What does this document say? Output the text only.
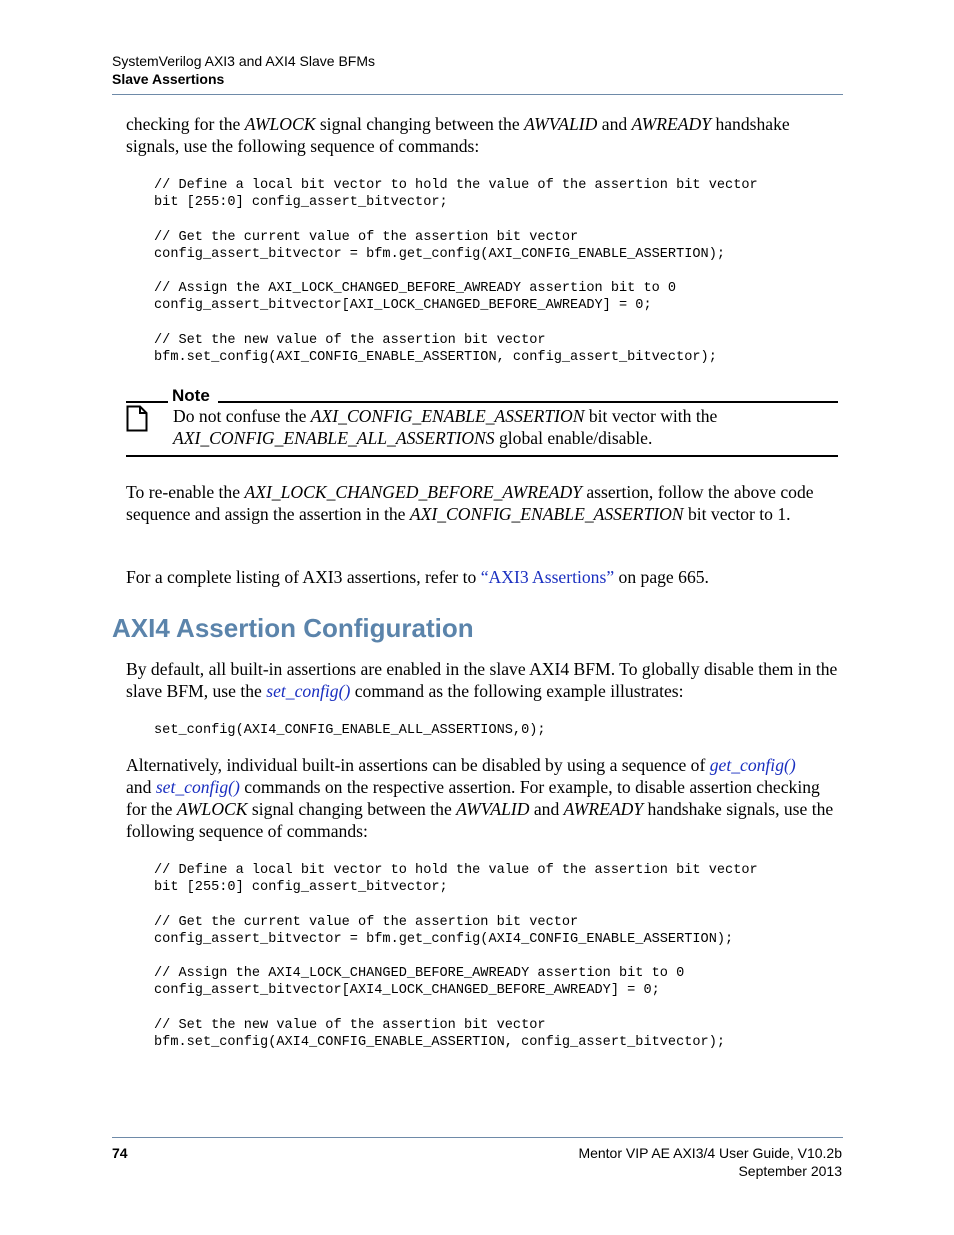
SystemVerilog AXI3 and AXI4 Slave BFMs
Slave Assertions

checking for the AWLOCK signal changing between the AWVALID and AWREADY handshake signals, use the following sequence of commands:

// Define a local bit vector to hold the value of the assertion bit vector
bit [255:0] config_assert_bitvector;

// Get the current value of the assertion bit vector
config_assert_bitvector = bfm.get_config(AXI_CONFIG_ENABLE_ASSERTION);

// Assign the AXI_LOCK_CHANGED_BEFORE_AWREADY assertion bit to 0
config_assert_bitvector[AXI_LOCK_CHANGED_BEFORE_AWREADY] = 0;

// Set the new value of the assertion bit vector
bfm.set_config(AXI_CONFIG_ENABLE_ASSERTION, config_assert_bitvector);
Note

Do not confuse the AXI_CONFIG_ENABLE_ASSERTION bit vector with the
AXI_CONFIG_ENABLE_ALL_ASSERTIONS global enable/disable.

To re-enable the AXI_LOCK_CHANGED_BEFORE_AWREADY assertion, follow the above code sequence and assign the assertion in the AXI_CONFIG_ENABLE_ASSERTION bit vector to 1.

For a complete listing of AXI3 assertions, refer to “AXI3 Assertions” on page 665.

AXI4 Assertion Configuration

By default, all built-in assertions are enabled in the slave AXI4 BFM. To globally disable them in the slave BFM, use the set_config() command as the following example illustrates:

set_config(AXI4_CONFIG_ENABLE_ALL_ASSERTIONS,0);

Alternatively, individual built-in assertions can be disabled by using a sequence of get_config()
and set_config() commands on the respective assertion. For example, to disable assertion checking for the AWLOCK signal changing between the AWVALID and AWREADY handshake signals, use the following sequence of commands:

// Define a local bit vector to hold the value of the assertion bit vector
bit [255:0] config_assert_bitvector;

// Get the current value of the assertion bit vector
config_assert_bitvector = bfm.get_config(AXI4_CONFIG_ENABLE_ASSERTION);

// Assign the AXI4_LOCK_CHANGED_BEFORE_AWREADY assertion bit to 0
config_assert_bitvector[AXI4_LOCK_CHANGED_BEFORE_AWREADY] = 0;

// Set the new value of the assertion bit vector
bfm.set_config(AXI4_CONFIG_ENABLE_ASSERTION, config_assert_bitvector);
74	Mentor VIP AE AXI3/4 User Guide, V10.2b
September 2013
